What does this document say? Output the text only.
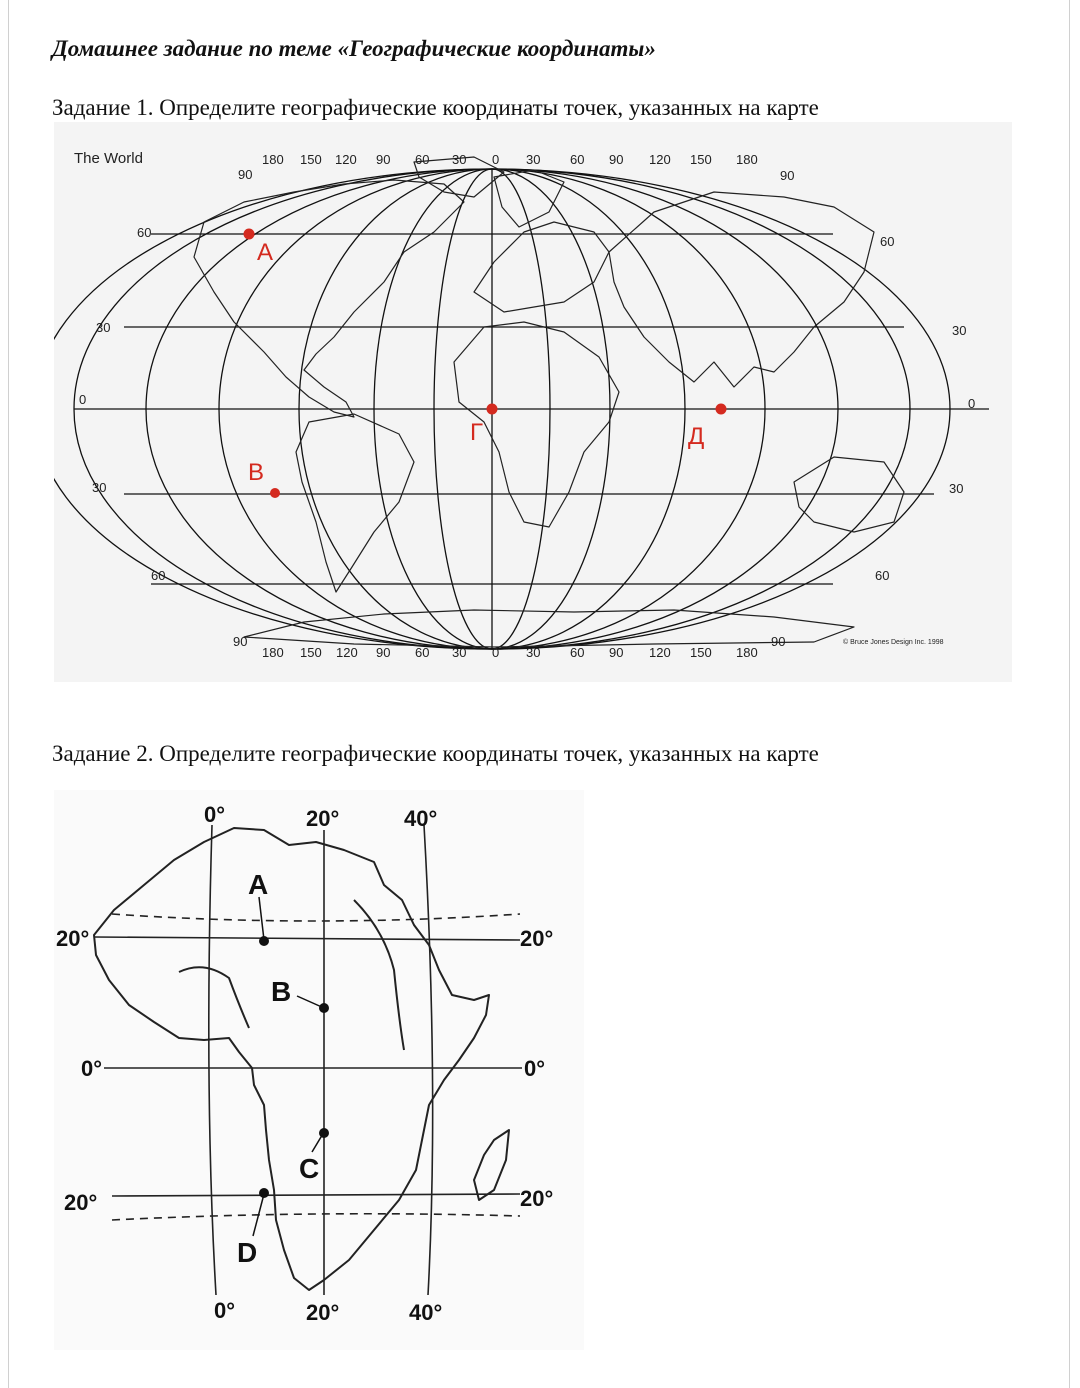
Домашнее задание по теме «Географические координаты»
Задание 1. Определите географические координаты точек, указанных на карте
The World
© Bruce Jones Design Inc. 1998
180 150 120 90 60 30 0 30 60 90 120 150 180
180 150 120 90 60 30 0 30 60 90 120 150 180
90	90
60
60
30	30
0	0
30	30
60	60
90	90
А
В
Г	Д
Задание 2. Определите географические координаты точек, указанных на карте
0°	20°	40°
0°	20°	40°
20°	20°
0°	0°
20°	20°
A
B
C
D
